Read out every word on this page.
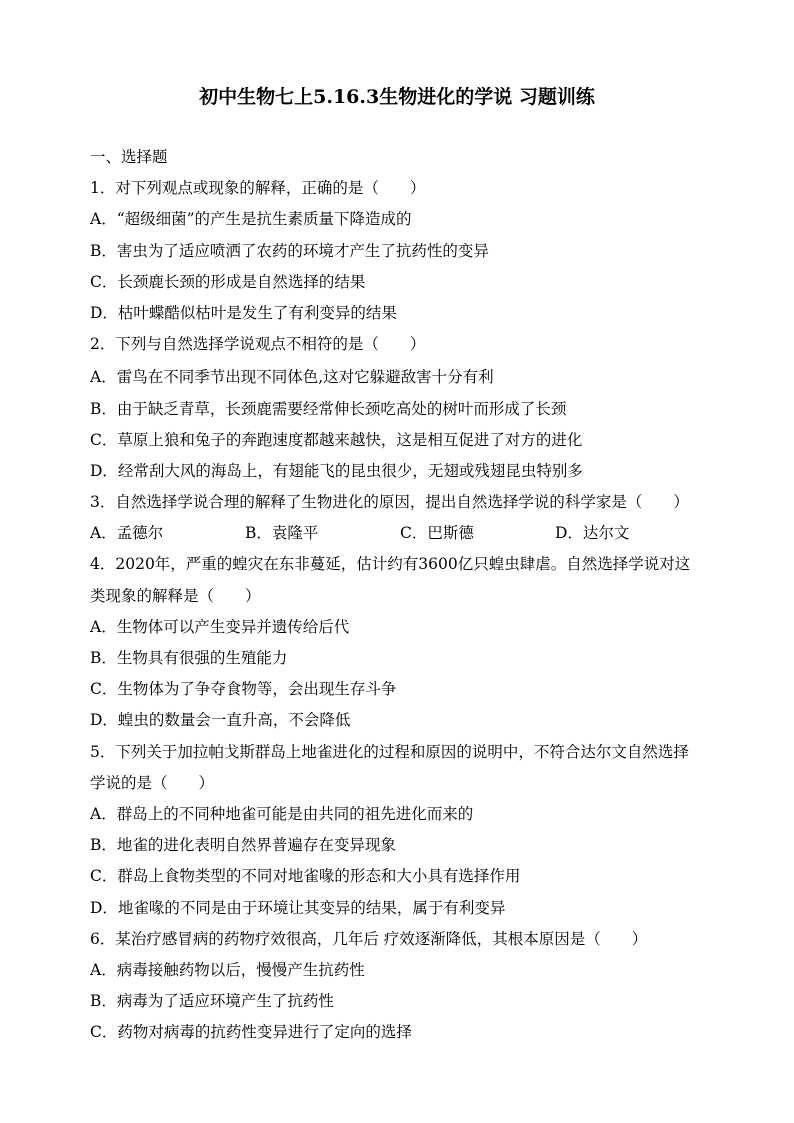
初中生物七上5.16.3生物进化的学说 习题训练
一、选择题
1．对下列观点或现象的解释，正确的是（　　）
A．“超级细菌”的产生是抗生素质量下降造成的
B．害虫为了适应喷洒了农药的环境才产生了抗药性的变异
C．长颈鹿长颈的形成是自然选择的结果
D．枯叶蝶酷似枯叶是发生了有利变异的结果
2．下列与自然选择学说观点不相符的是（　　）
A．雷鸟在不同季节出现不同体色,这对它躲避敌害十分有利
B．由于缺乏青草，长颈鹿需要经常伸长颈吃高处的树叶而形成了长颈
C．草原上狼和兔子的奔跑速度都越来越快，这是相互促进了对方的进化
D．经常刮大风的海岛上，有翅能飞的昆虫很少，无翅或残翅昆虫特别多
3．自然选择学说合理的解释了生物进化的原因，提出自然选择学说的科学家是（　　）
A．孟德尔	B．袁隆平	C．巴斯德	D．达尔文
4．2020年，严重的蝗灾在东非蔓延，估计约有3600亿只蝗虫肆虐。自然选择学说对这
类现象的解释是（　　）
A．生物体可以产生变异并遗传给后代
B．生物具有很强的生殖能力
C．生物体为了争夺食物等，会出现生存斗争
D．蝗虫的数量会一直升高，不会降低
5．下列关于加拉帕戈斯群岛上地雀进化的过程和原因的说明中，不符合达尔文自然选择
学说的是（　　）
A．群岛上的不同种地雀可能是由共同的祖先进化而来的
B．地雀的进化表明自然界普遍存在变异现象
C．群岛上食物类型的不同对地雀喙的形态和大小具有选择作用
D．地雀喙的不同是由于环境让其变异的结果，属于有利变异
6．某治疗感冒病的药物疗效很高，几年后 疗效逐渐降低，其根本原因是（　　）
A．病毒接触药物以后，慢慢产生抗药性
B．病毒为了适应环境产生了抗药性
C．药物对病毒的抗药性变异进行了定向的选择
